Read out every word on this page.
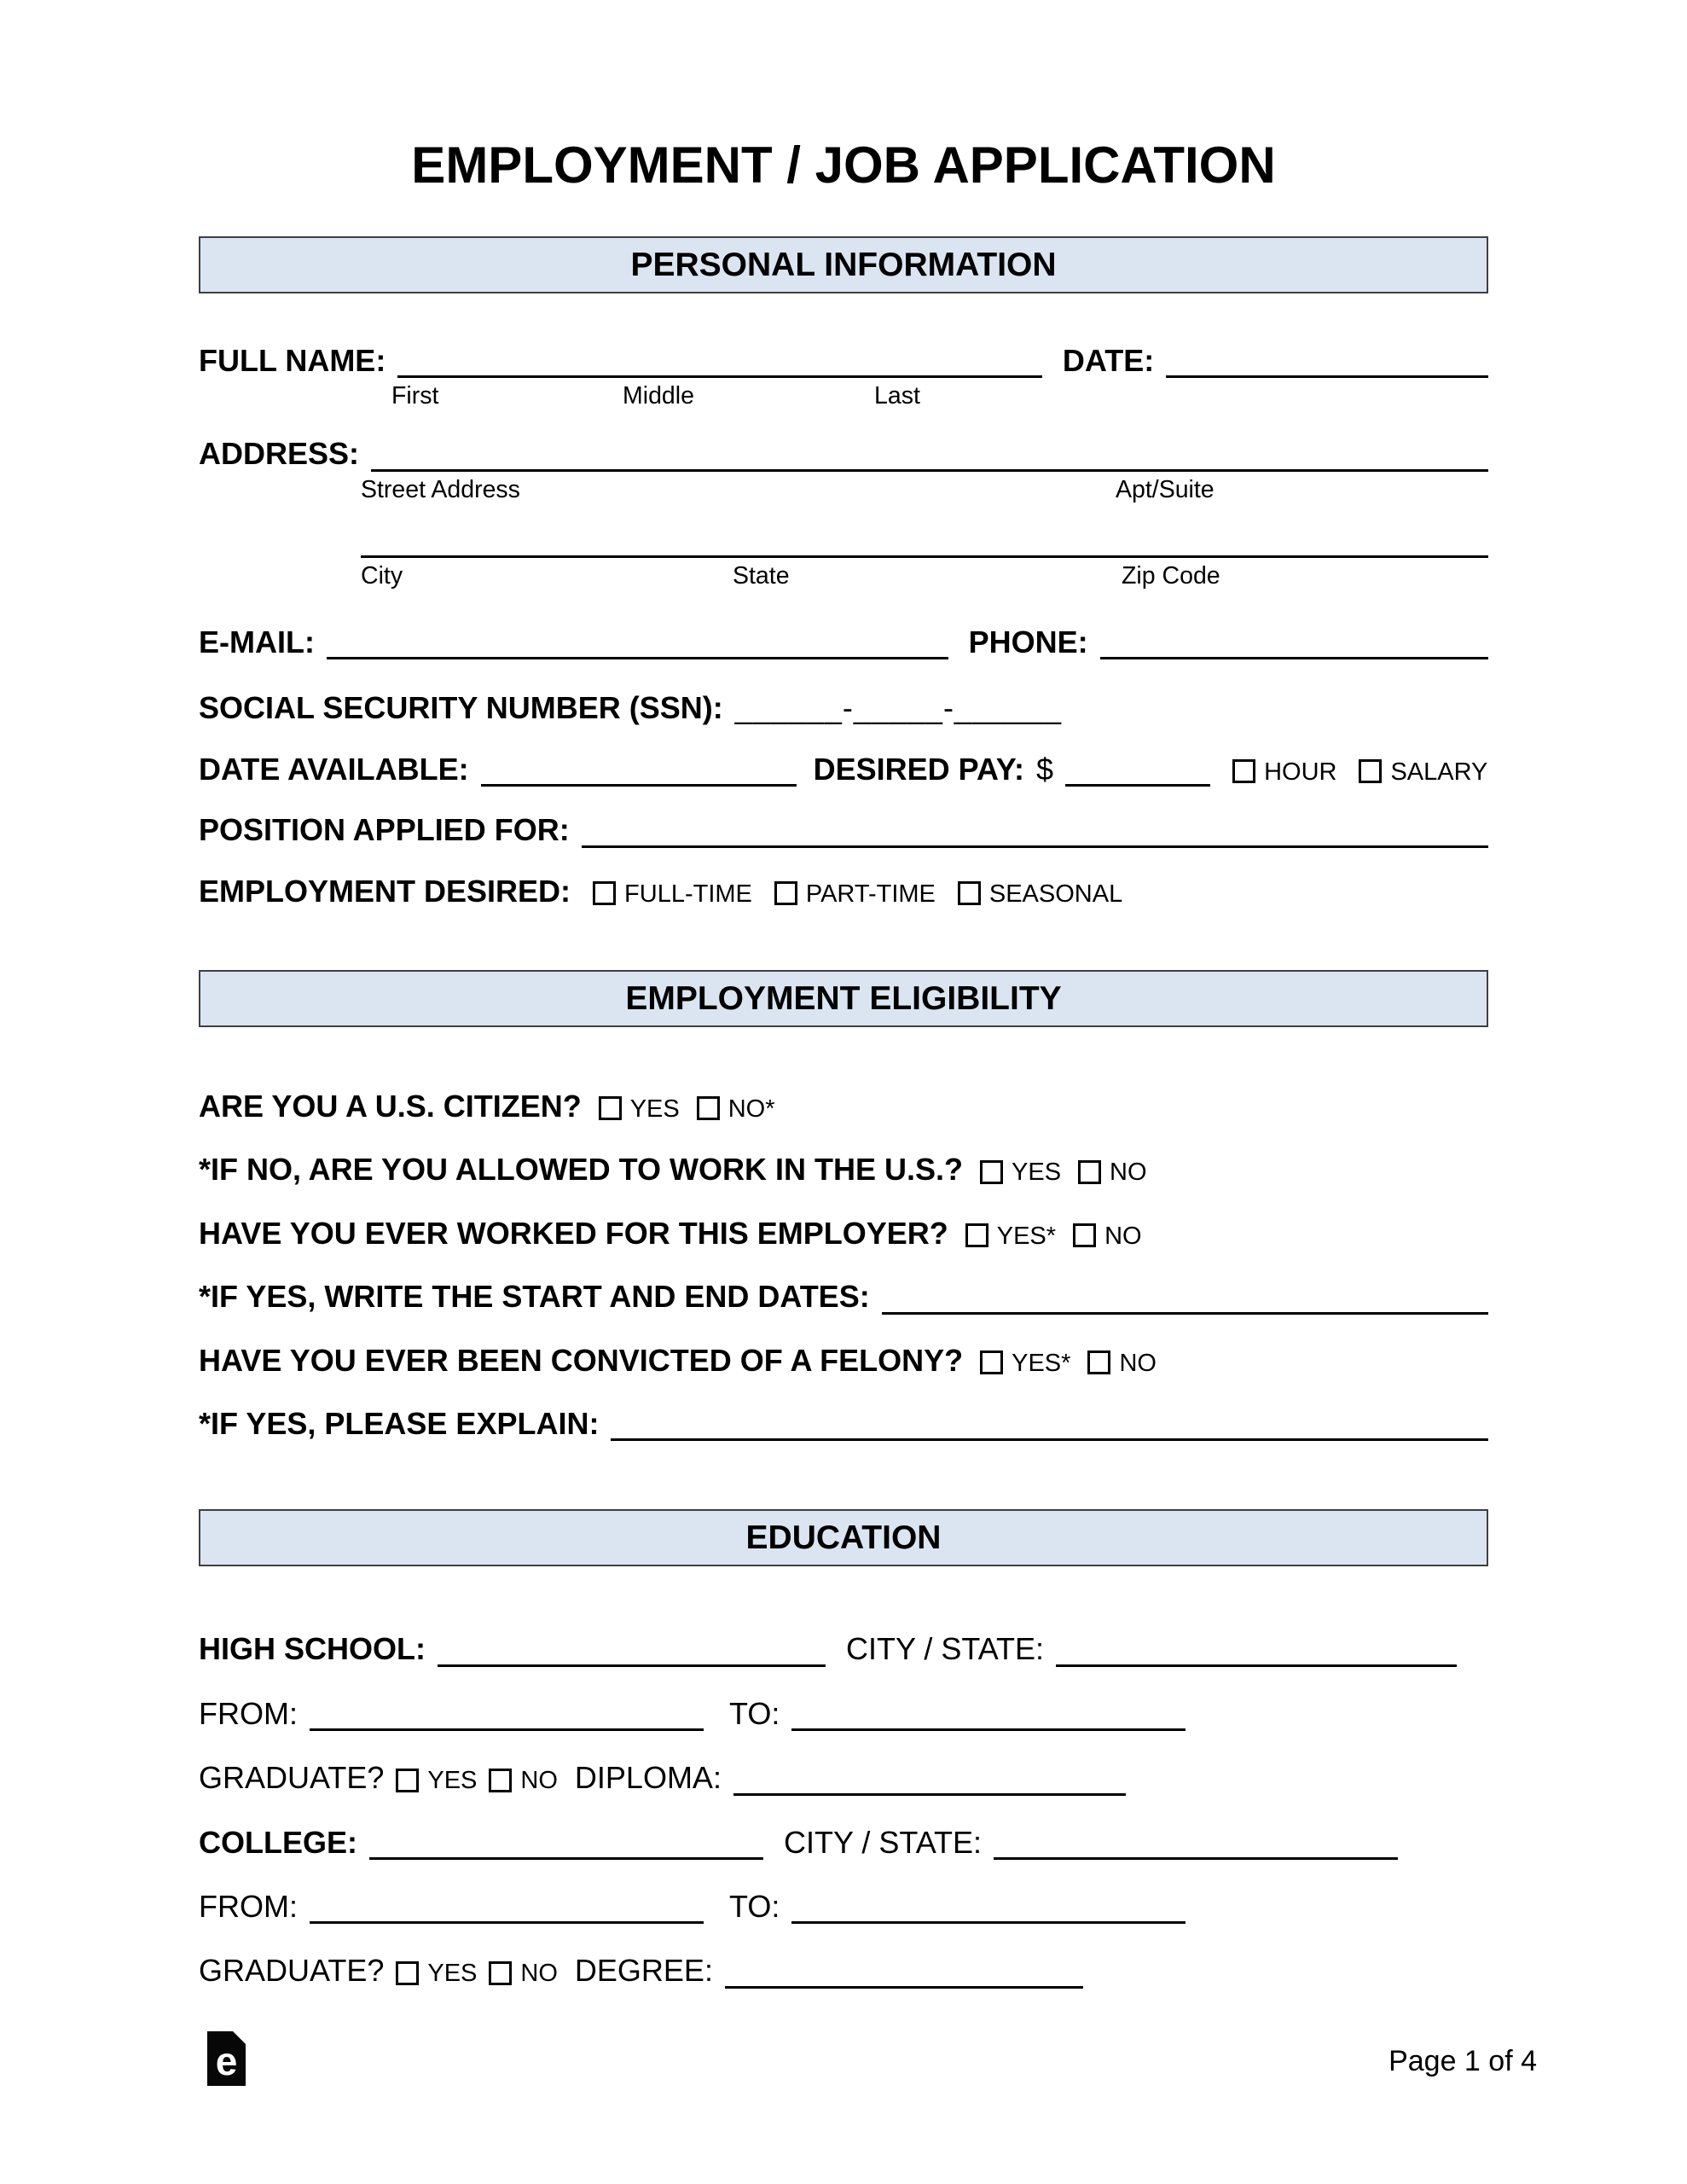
EMPLOYMENT / JOB APPLICATION
PERSONAL INFORMATION
FULL NAME:	DATE:
First	Middle	Last
ADDRESS:
Street Address	Apt/Suite
City	State	Zip Code
E-MAIL:	PHONE:
SOCIAL SECURITY NUMBER (SSN): ______-_____-______
DATE AVAILABLE:	DESIRED PAY: $	HOUR SALARY
POSITION APPLIED FOR:
EMPLOYMENT DESIRED: FULL-TIME PART-TIME SEASONAL
EMPLOYMENT ELIGIBILITY
ARE YOU A U.S. CITIZEN? YES NO*
*IF NO, ARE YOU ALLOWED TO WORK IN THE U.S.? YES NO
HAVE YOU EVER WORKED FOR THIS EMPLOYER? YES* NO
*IF YES, WRITE THE START AND END DATES:
HAVE YOU EVER BEEN CONVICTED OF A FELONY? YES* NO
*IF YES, PLEASE EXPLAIN:
EDUCATION
HIGH SCHOOL:	CITY / STATE:
FROM:	TO:
GRADUATE? YES NO DIPLOMA:
COLLEGE:	CITY / STATE:
FROM:	TO:
GRADUATE? YES NO DEGREE:
e	Page 1 of 4
